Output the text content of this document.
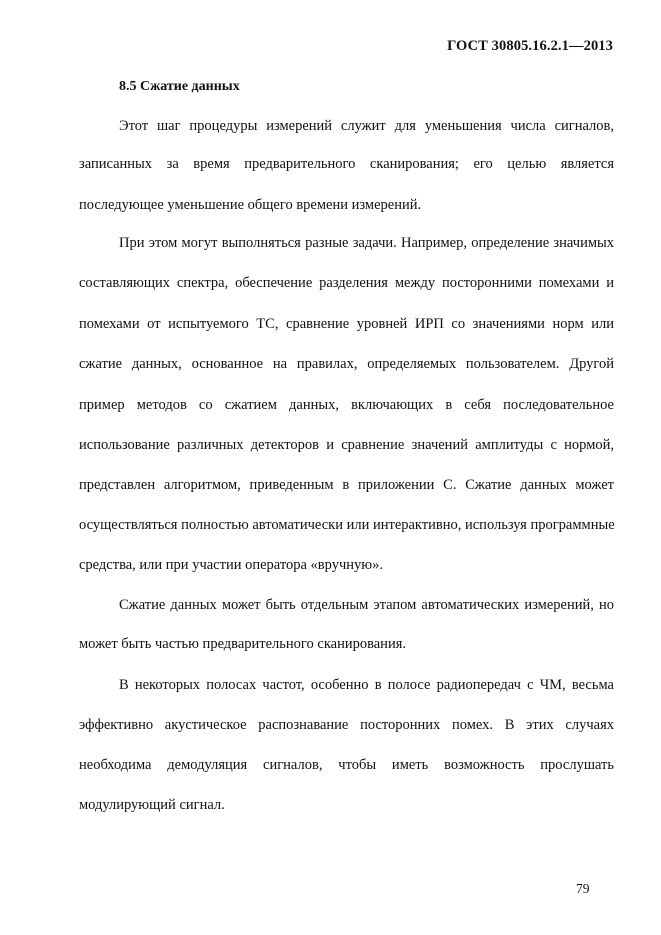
ГОСТ 30805.16.2.1—2013
8.5 Сжатие данных
Этот шаг процедуры измерений служит для уменьшения числа сигналов,
записанных за время предварительного сканирования; его целью является
последующее уменьшение общего времени измерений.
При этом могут выполняться разные задачи. Например, определение значимых
составляющих спектра, обеспечение разделения между посторонними помехами и
помехами от испытуемого ТС, сравнение уровней ИРП со значениями норм или
сжатие данных, основанное на правилах, определяемых пользователем. Другой
пример методов со сжатием данных, включающих в себя последовательное
использование различных детекторов и сравнение значений амплитуды с нормой,
представлен алгоритмом, приведенным в приложении С. Сжатие данных может
осуществляться полностью автоматически или интерактивно, используя программные
средства, или при участии оператора «вручную».
Сжатие данных может быть отдельным этапом автоматических измерений, но
может быть частью предварительного сканирования.
В некоторых полосах частот, особенно в полосе радиопередач с ЧМ, весьма
эффективно акустическое распознавание посторонних помех. В этих случаях
необходима демодуляция сигналов, чтобы иметь возможность прослушать
модулирующий сигнал.
79
